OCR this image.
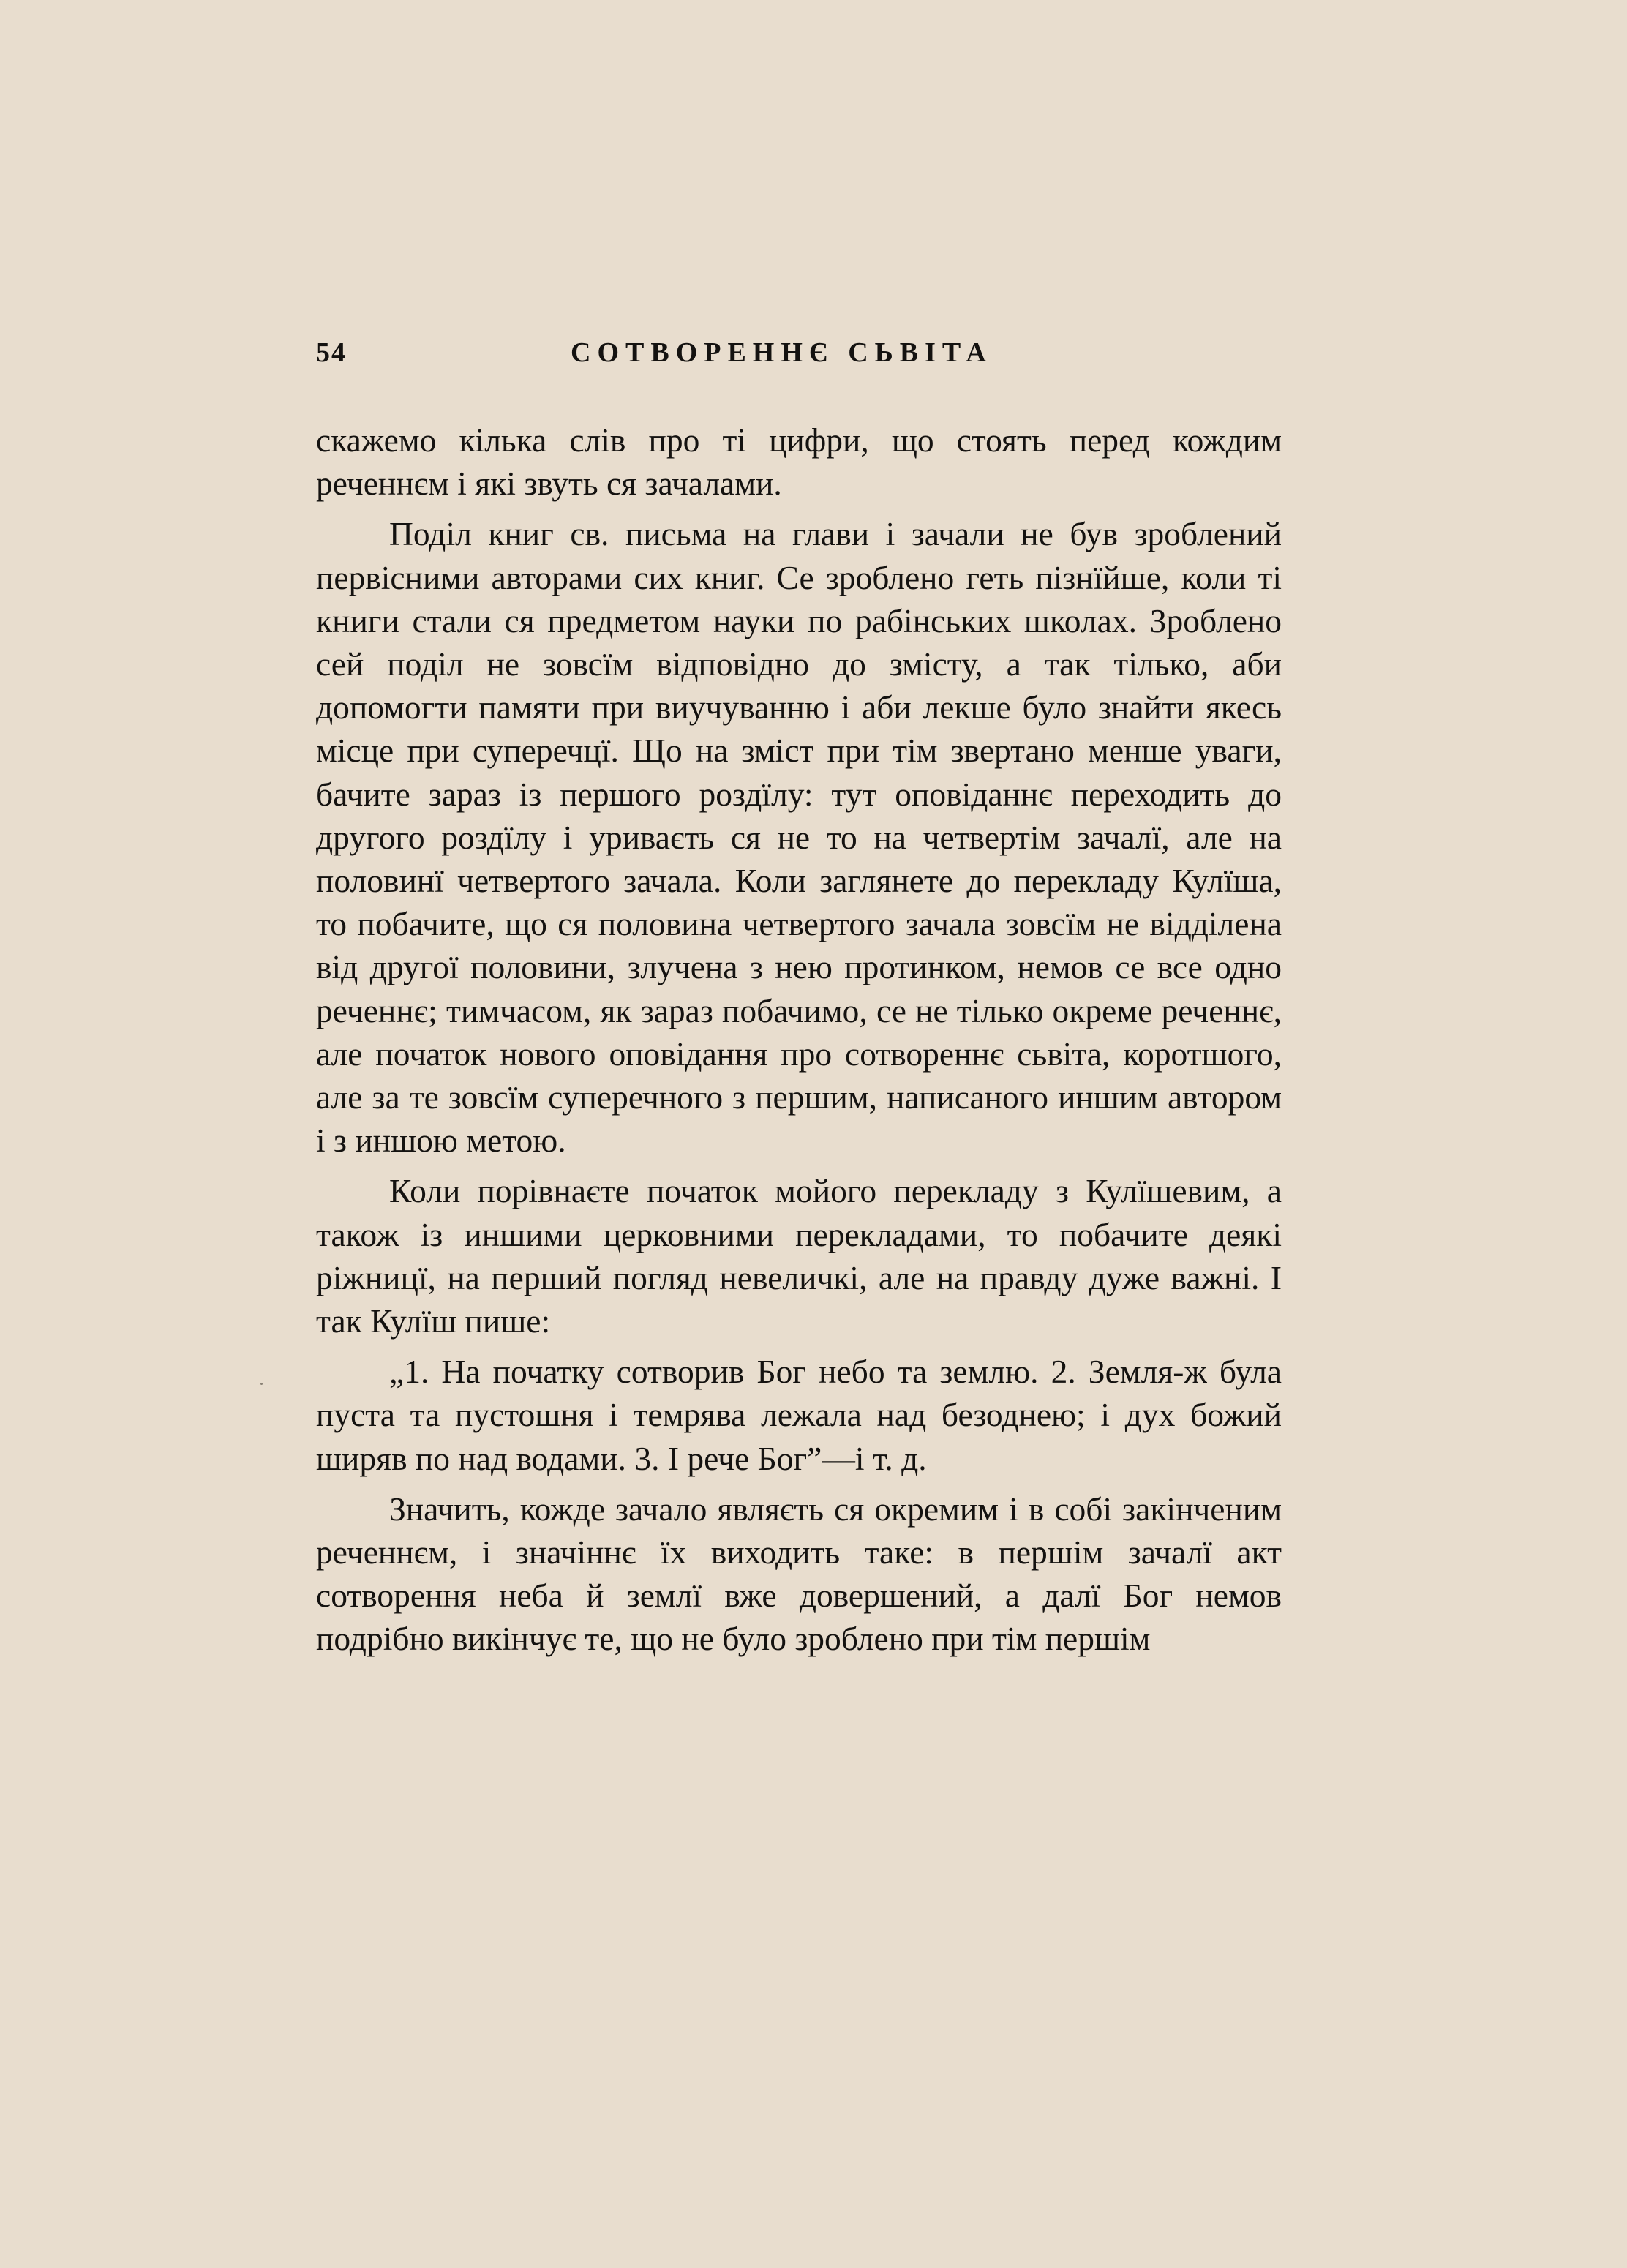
54	СОТВОРЕННЄ СЬВІТА

скажемо кілька слів про ті цифри, що стоять перед кождим реченнєм і які звуть ся зачалами.

Поділ книг св. письма на глави і зачали не був зроблений первісними авторами сих книг. Се зроблено геть пізнїйше, коли ті книги стали ся предметом науки по рабінських школах. Зроблено сей поділ не зовсїм відповідно до змісту, а так тілько, аби допомогти памяти при виучуванню і аби лекше було знайти якесь місце при суперечцї. Що на зміст при тім звертано менше уваги, бачите зараз із першого роздїлу: тут оповіданнє переходить до другого роздїлу і уриваєть ся не то на четвертім зачалї, але на половинї четвертого зачала. Коли заглянете до перекладу Кулїша, то побачите, що ся половина четвертого зачала зовсїм не відділена від другої половини, злучена з нею протинком, немов се все одно реченнє; тимчасом, як зараз побачимо, се не тілько окреме реченнє, але початок нового оповідання про сотвореннє сьвіта, коротшого, але за те зовсїм суперечного з першим, написаного иншим автором і з иншою метою.

Коли порівнаєте початок мойого перекладу з Кулїшевим, а також із иншими церковними перекладами, то побачите деякі ріжницї, на перший погляд невеличкі, але на правду дуже важні. І так Кулїш пише:

„1. На початку сотворив Бог небо та землю. 2. Земля-ж була пуста та пустошня і темрява лежала над безоднею; і дух божий ширяв по над водами. 3. І рече Бог”—і т. д.

Значить, кожде зачало являєть ся окремим і в собі закінченим реченнєм, і значіннє їх виходить таке: в першім зачалї акт сотворення неба й землї вже довершений, а далї Бог немов подрібно викінчує те, що не було зроблено при тім першім
